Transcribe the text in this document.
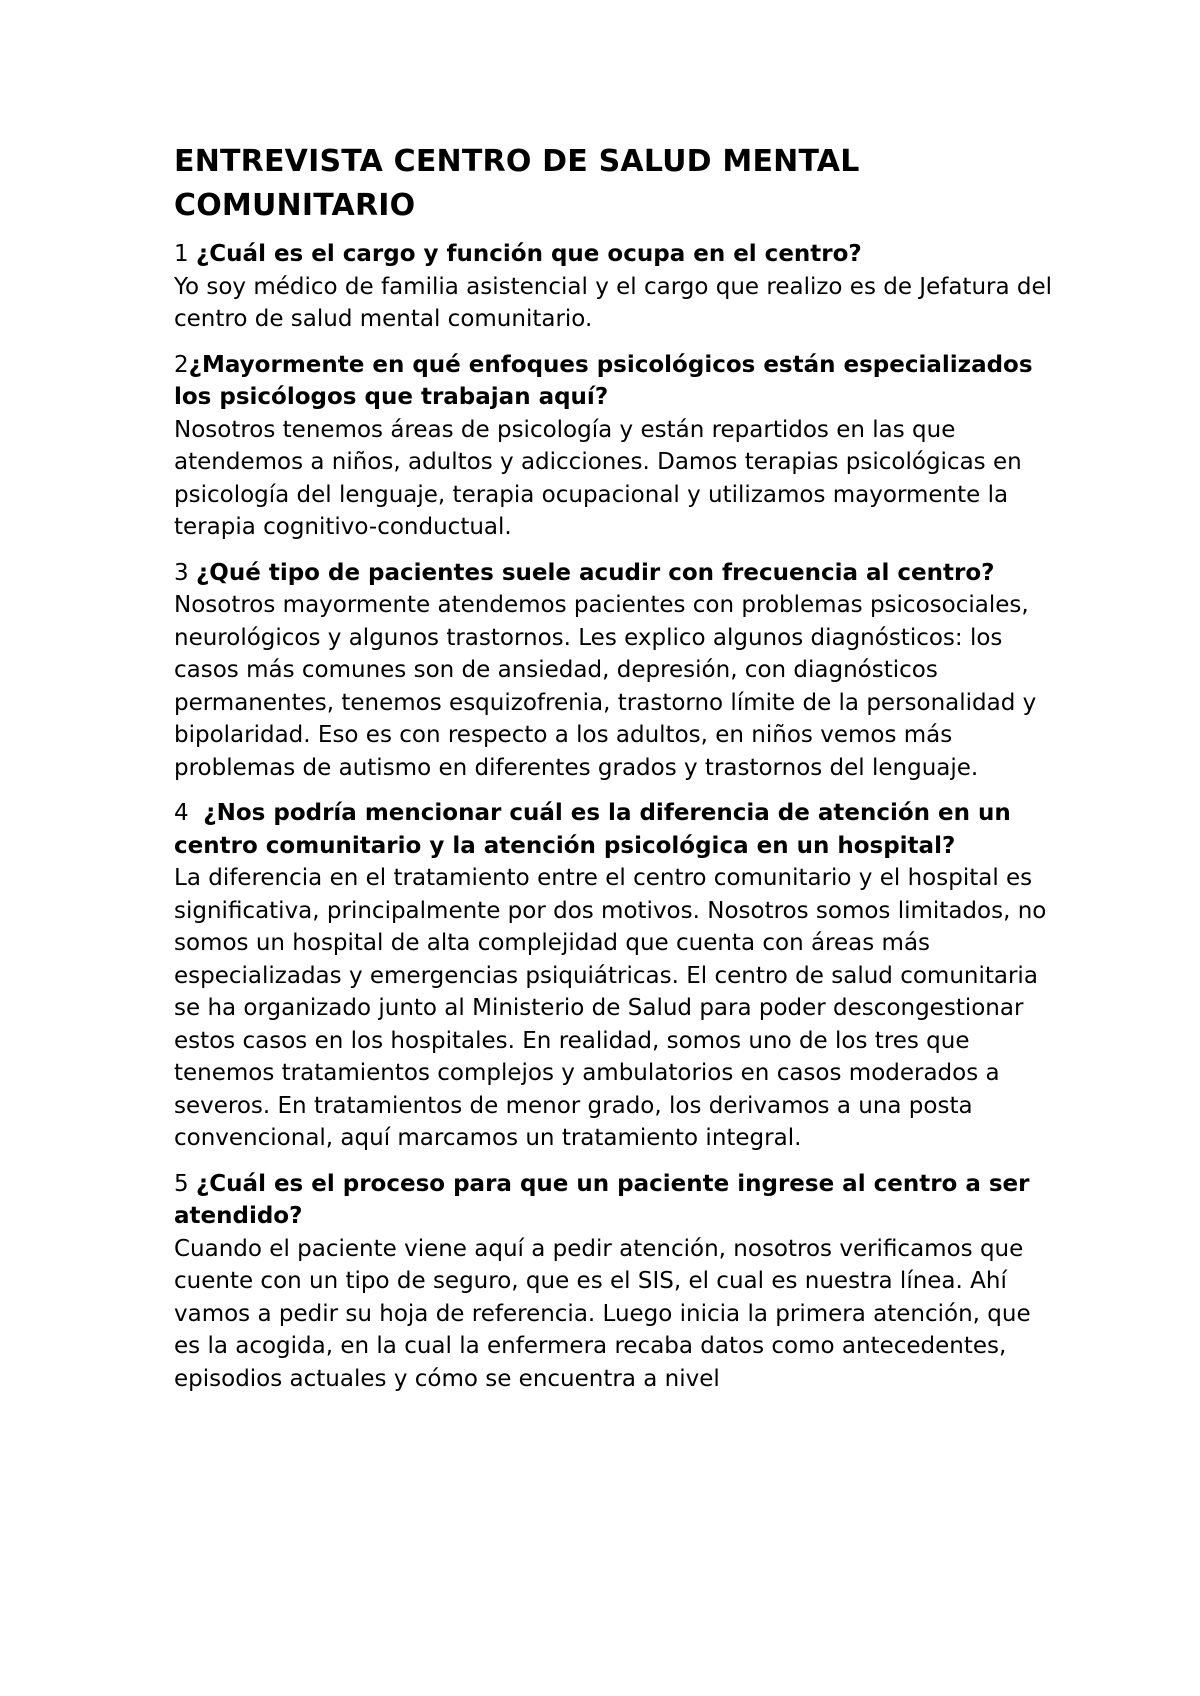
ENTREVISTA CENTRO DE SALUD MENTAL COMUNITARIO

1 ¿Cuál es el cargo y función que ocupa en el centro?

Yo soy médico de familia asistencial y el cargo que realizo es de Jefatura del centro de salud mental comunitario.

2¿Mayormente en qué enfoques psicológicos están especializados los psicólogos que trabajan aquí?

Nosotros tenemos áreas de psicología y están repartidos en las que atendemos a niños, adultos y adicciones. Damos terapias psicológicas en psicología del lenguaje, terapia ocupacional y utilizamos mayormente la terapia cognitivo-conductual.

3 ¿Qué tipo de pacientes suele acudir con frecuencia al centro?

Nosotros mayormente atendemos pacientes con problemas psicosociales, neurológicos y algunos trastornos. Les explico algunos diagnósticos: los casos más comunes son de ansiedad, depresión, con diagnósticos permanentes, tenemos esquizofrenia, trastorno límite de la personalidad y bipolaridad. Eso es con respecto a los adultos, en niños vemos más problemas de autismo en diferentes grados y trastornos del lenguaje.

4  ¿Nos podría mencionar cuál es la diferencia de atención en un centro comunitario y la atención psicológica en un hospital?

La diferencia en el tratamiento entre el centro comunitario y el hospital es significativa, principalmente por dos motivos. Nosotros somos limitados, no somos un hospital de alta complejidad que cuenta con áreas más especializadas y emergencias psiquiátricas. El centro de salud comunitaria se ha organizado junto al Ministerio de Salud para poder descongestionar estos casos en los hospitales. En realidad, somos uno de los tres que tenemos tratamientos complejos y ambulatorios en casos moderados a severos. En tratamientos de menor grado, los derivamos a una posta convencional, aquí marcamos un tratamiento integral.

5 ¿Cuál es el proceso para que un paciente ingrese al centro a ser atendido?

Cuando el paciente viene aquí a pedir atención, nosotros verificamos que cuente con un tipo de seguro, que es el SIS, el cual es nuestra línea. Ahí vamos a pedir su hoja de referencia. Luego inicia la primera atención, que es la acogida, en la cual la enfermera recaba datos como antecedentes, episodios actuales y cómo se encuentra a nivel
